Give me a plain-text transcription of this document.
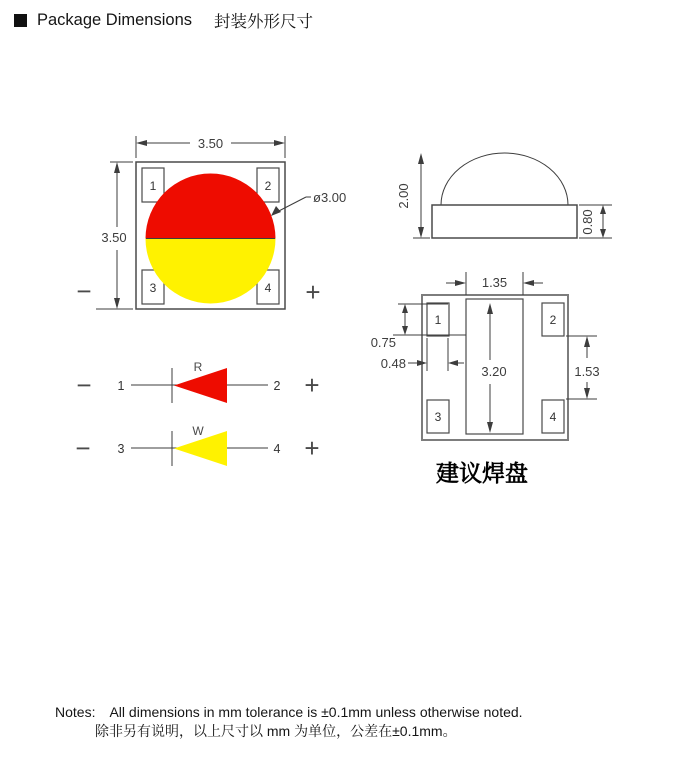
Package Dimensions 封装外形尺寸
3.50
3.50
1	2
3	4
ø3.00
−	+
2.00
0.80
− 1
R
2 +
− 3
W
4 +
1.35
1	2
3	4
3.20
0.75
0.48
1.53
建议焊盘
Notes: All dimensions in mm tolerance is ±0.1mm unless otherwise noted.
除非另有说明，以上尺寸以 mm 为单位，公差在±0.1mm。
